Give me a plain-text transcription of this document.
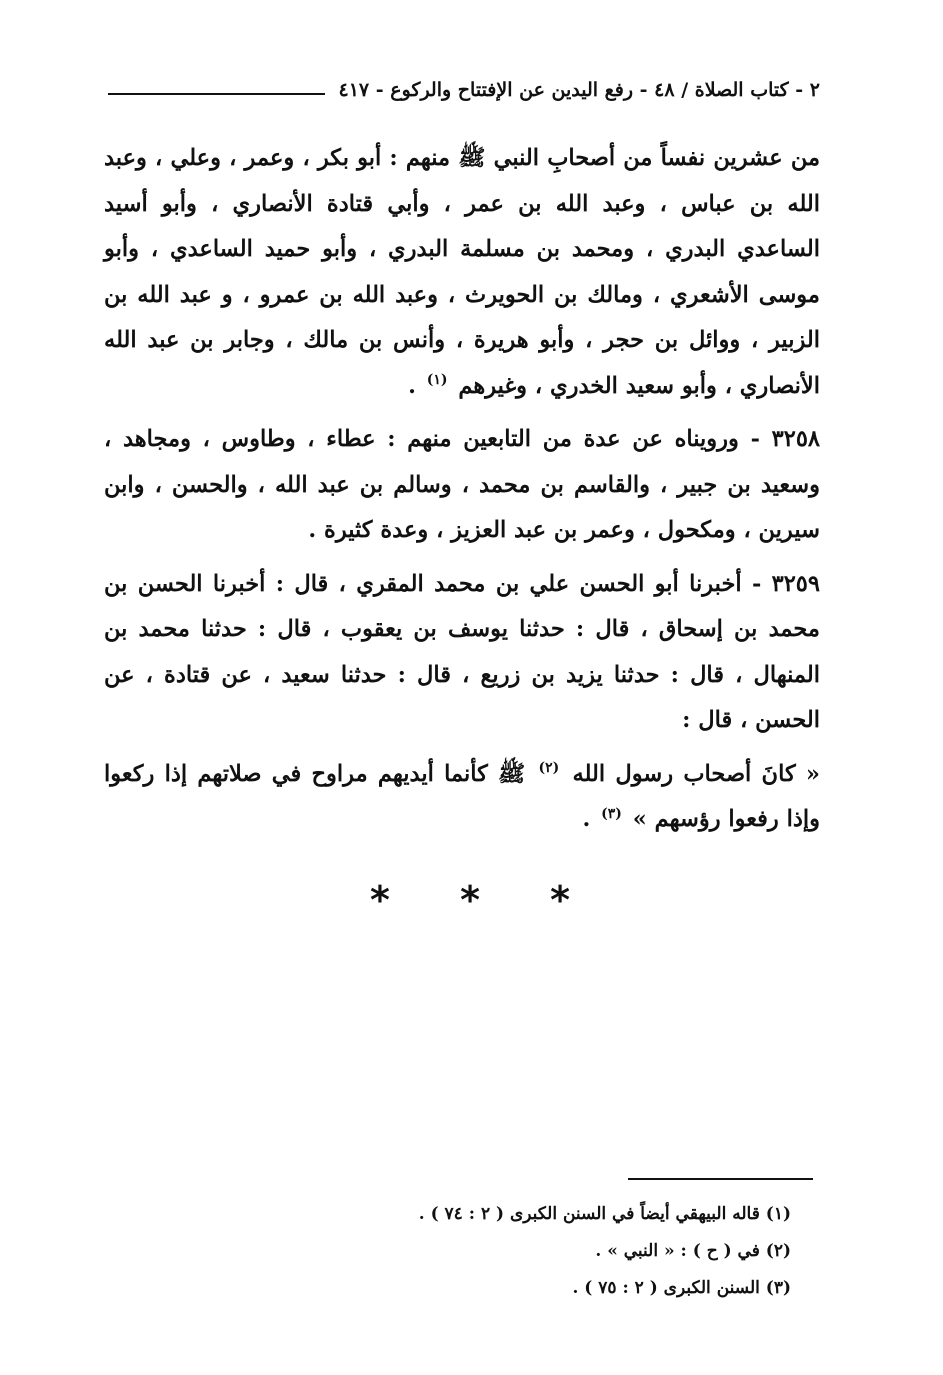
٢ - كتاب الصلاة / ٤٨ - رفع اليدين عن الإفتتاح والركوع - ٤١٧

من عشرين نفساً من أصحابِ النبي ﷺ منهم : أبو بكر ، وعمر ، وعلي ، وعبد الله بن عباس ، وعبد الله بن عمر ، وأبي قتادة الأنصاري ، وأبو أسيد الساعدي البدري ، ومحمد بن مسلمة البدري ، وأبو حميد الساعدي ، وأبو موسى الأشعري ، ومالك بن الحويرث ، وعبد الله بن عمرو ، و عبد الله بن الزبير ، ووائل بن حجر ، وأبو هريرة ، وأنس بن مالك ، وجابر بن عبد الله الأنصاري ، وأبو سعيد الخدري ، وغيرهم $^{(١)}$ .

٣٢٥٨ - ورويناه عن عدة من التابعين منهم : عطاء ، وطاوس ، ومجاهد ، وسعيد بن جبير ، والقاسم بن محمد ، وسالم بن عبد الله ، والحسن ، وابن سيرين ، ومكحول ، وعمر بن عبد العزيز ، وعدة كثيرة .

٣٢٥٩ - أخبرنا أبو الحسن علي بن محمد المقري ، قال : أخبرنا الحسن بن محمد بن إسحاق ، قال : حدثنا يوسف بن يعقوب ، قال : حدثنا محمد بن المنهال ، قال : حدثنا يزيد بن زريع ، قال : حدثنا سعيد ، عن قتادة ، عن الحسن ، قال :

« كانَ أصحاب رسول الله $^{(٢)}$ ﷺ كأنما أيديهم مراوح في صلاتهم إذا ركعوا وإذا رفعوا رؤسهم » $^{(٣)}$ .

*
*
*
(١) قاله البيهقي أيضاً في السنن الكبرى ( ٢ : ٧٤ ) .
(٢) في ( ح ) : « النبي » .
(٣) السنن الكبرى ( ٢ : ٧٥ ) .
